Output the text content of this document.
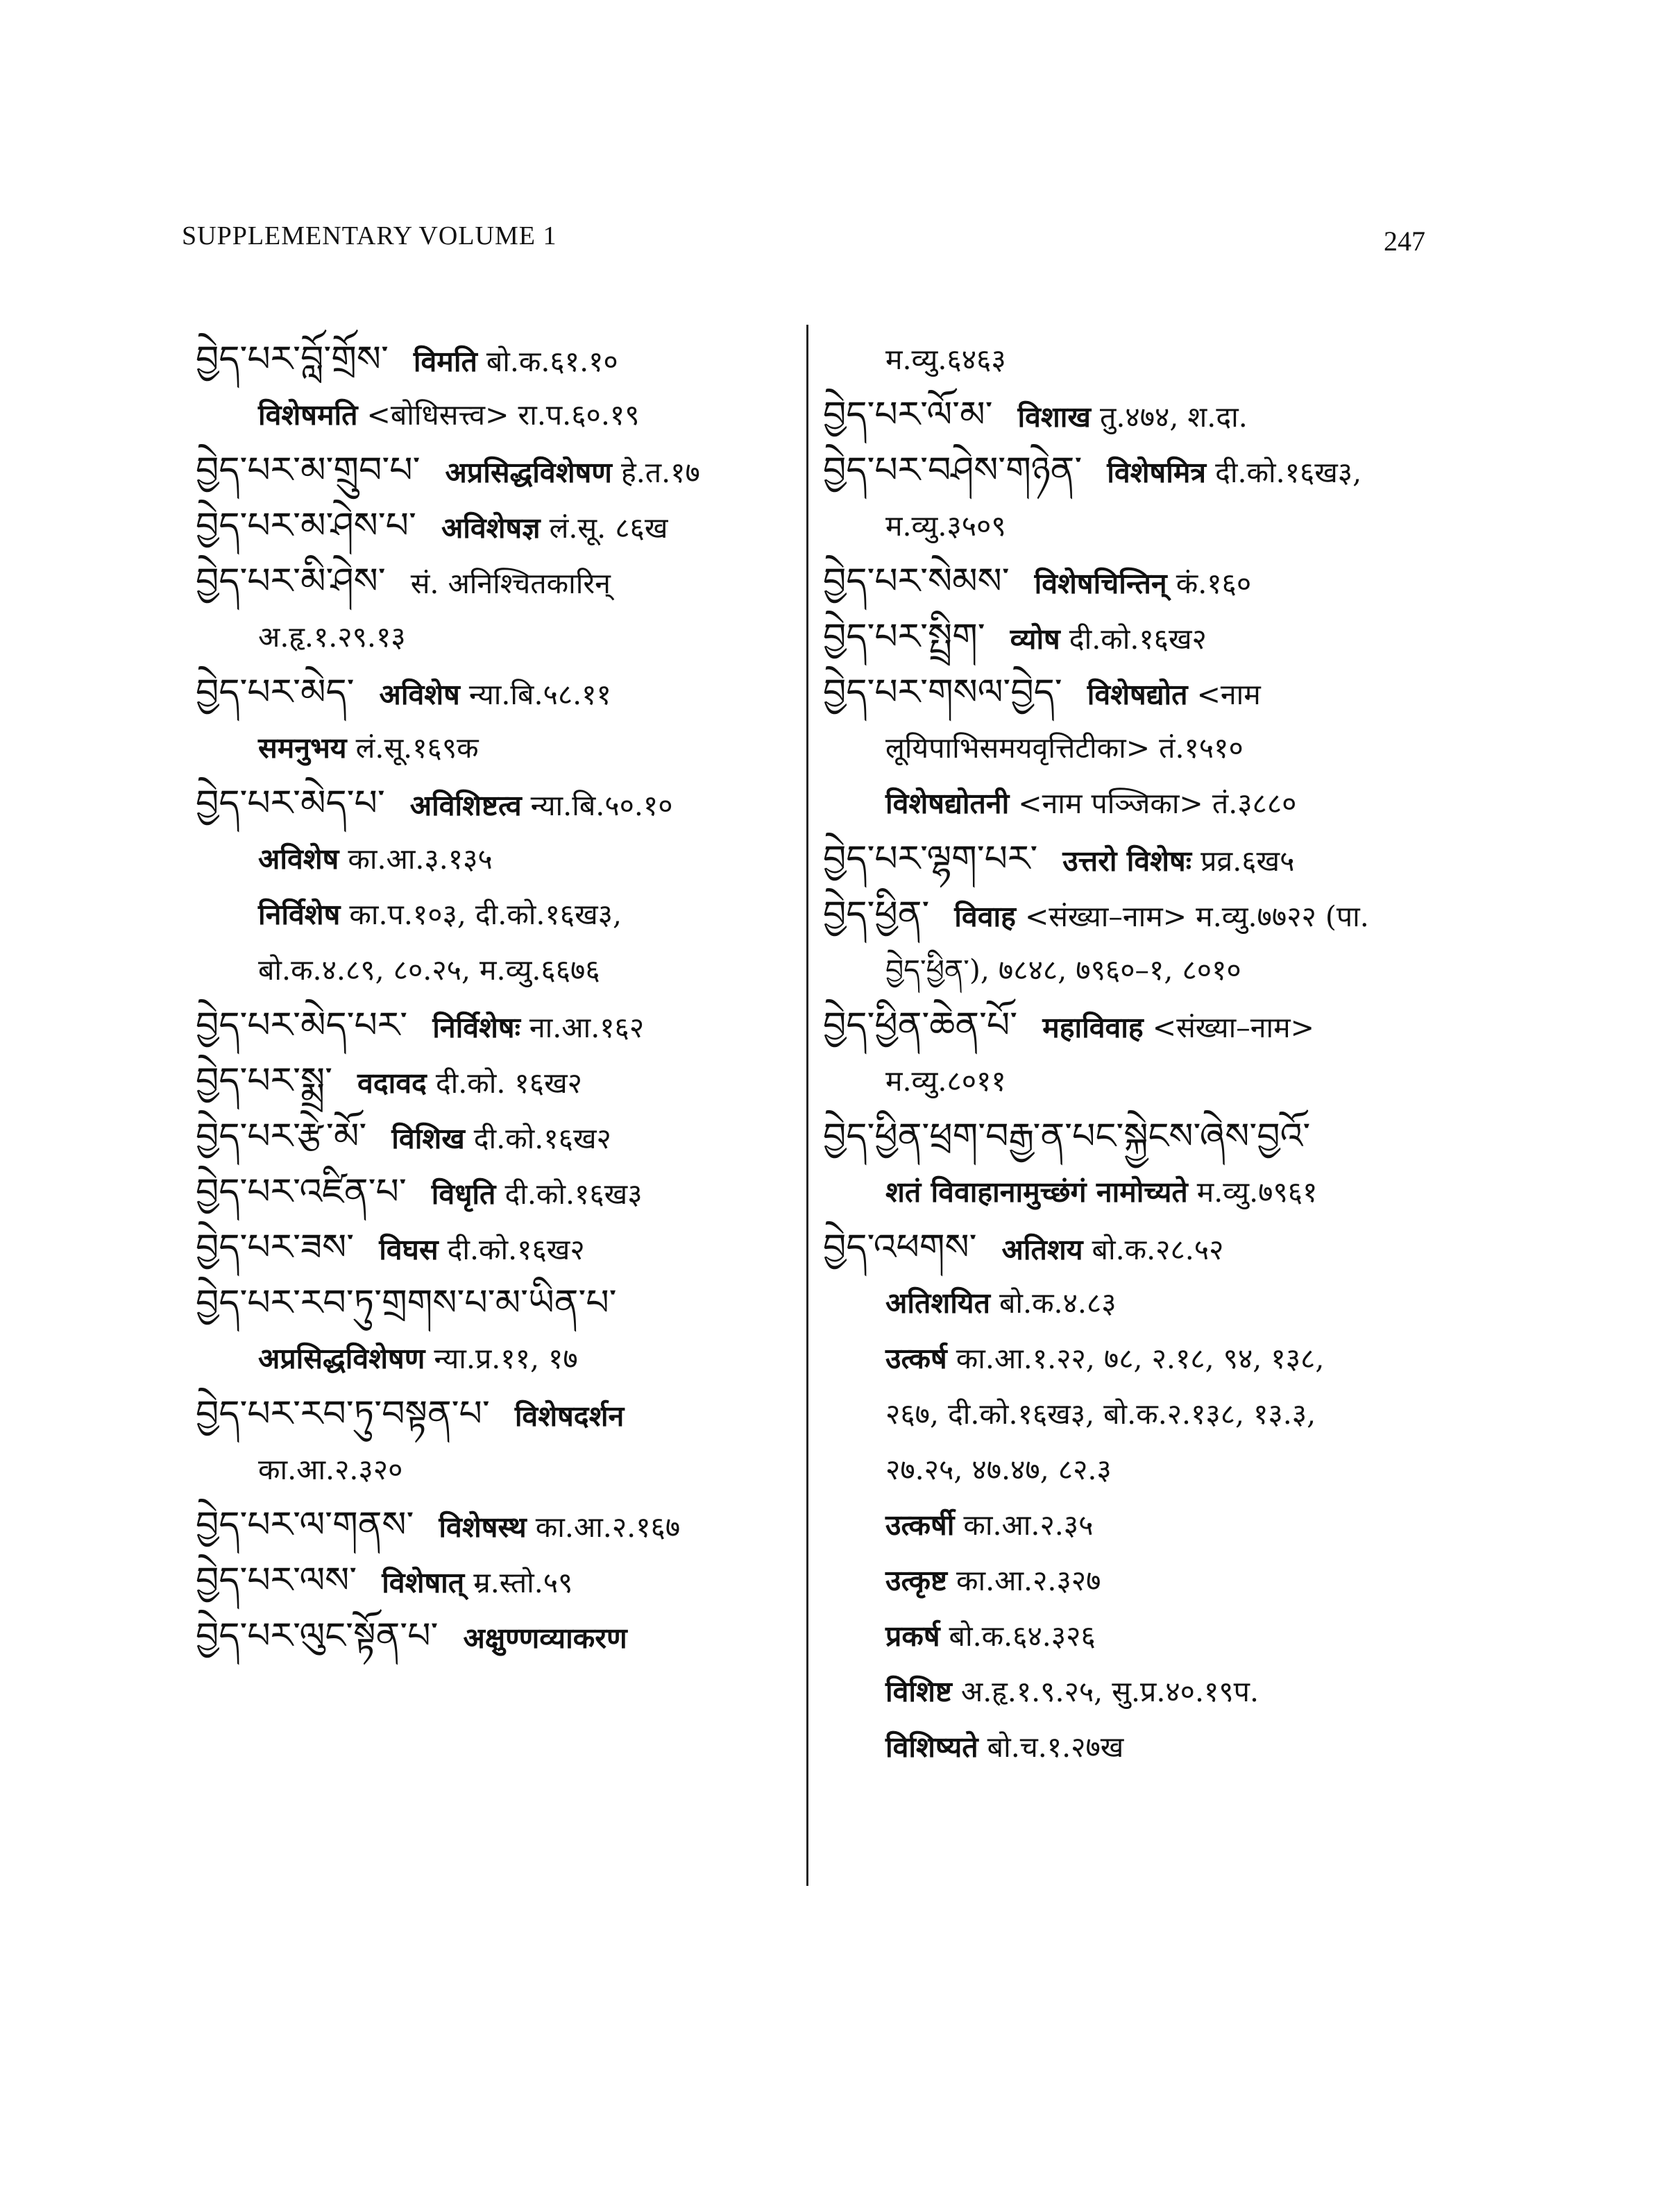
SUPPLEMENTARY VOLUME 1	247
བྱེད་པར་བློ་གྲོས་ विमति बो.क.६१.१०
विशेषमति <बोधिसत्त्व> रा.प.६०.१९
བྱེད་པར་མ་གྲུབ་པ་ अप्रसिद्धविशेषण हे.त.१७
བྱེད་པར་མ་ཤེས་པ་ अविशेषज्ञ लं.सू. ८६ख
བྱེད་པར་མི་ཤེས་ सं. अनिश्चितकारिन्
अ.हृ.१.२९.१३
བྱེད་པར་མེད་ अविशेष न्या.बि.५८.११
समनुभय लं.सू.१६९क
བྱེད་པར་མེད་པ་ अविशिष्टत्व न्या.बि.५०.१०
अविशेष का.आ.३.१३५
निर्विशेष का.प.१०३, दी.को.१६ख३,
बो.क.४.८९, ८०.२५, म.व्यु.६६७६
བྱེད་པར་མེད་པར་ निर्विशेषः ना.आ.१६२
བྱེད་པར་སྨྲ་ वदावद दी.को. १६ख२
བྱེད་པར་རྩེ་མོ་ विशिख दी.को.१६ख२
བྱེད་པར་འཛིན་པ་ विधृति दी.को.१६ख३
བྱེད་པར་ཟས་ विघस दी.को.१६ख२
བྱེད་པར་རབ་ཏུ་གྲགས་པ་མ་ཡིན་པ་
अप्रसिद्धविशेषण न्या.प्र.११, १७
བྱེད་པར་རབ་ཏུ་བསྟན་པ་ विशेषदर्शन
का.आ.२.३२०
བྱེད་པར་ལ་གནས་ विशेषस्थ का.आ.२.१६७
བྱེད་པར་ལས་ विशेषात् म्र.स्तो.५९
བྱེད་པར་ལུང་སྟོན་པ་ अक्षुण्णव्याकरण
म.व्यु.६४६३
བྱེད་པར་ལོ་མ་ विशाख तु.४७४, श.दा.
བྱེད་པར་བཤེས་གཉེན་ विशेषमित्र दी.को.१६ख३,
म.व्यु.३५०९
བྱེད་པར་སེམས་ विशेषचिन्तिन् कं.१६०
བྱེད་པར་སྤྲིག་ व्योष दी.को.१६ख२
བྱེད་པར་གསལ་བྱེད་ विशेषद्योत <नाम
लूयिपाभिसमयवृत्तिटीका> तं.१५१०
विशेषद्योतनी <नाम पञ्जिका> तं.३८८०
བྱེད་པར་ལྷག་པར་ उत्तरो विशेषः प्रव्र.६ख५
བྱེད་ཕྱིན་ विवाह <संख्या–नाम> म.व्यु.७७२२ (पा.
བྱེད་ཕྱིན་), ७८४८, ७९६०–१, ८०१०
བྱེད་ཕྱིན་ཆེན་པོ་ महाविवाह <संख्या–नाम>
म.व्यु.८०११
བྱེད་ཕྱིན་ཕྲག་བརྒྱ་ན་པང་སྐྱེངས་ཞེས་བྱའོ་
शतं विवाहानामुच्छंगं नामोच्यते म.व्यु.७९६१
བྱེད་འཕགས་ अतिशय बो.क.२८.५२
अतिशयित बो.क.४.८३
उत्कर्ष का.आ.१.२२, ७८, २.१८, ९४, १३८,
२६७, दी.को.१६ख३, बो.क.२.१३८, १३.३,
२७.२५, ४७.४७, ८२.३
उत्कर्षी का.आ.२.३५
उत्कृष्ट का.आ.२.३२७
प्रकर्ष बो.क.६४.३२६
विशिष्ट अ.हृ.१.९.२५, सु.प्र.४०.१९प.
विशिष्यते बो.च.१.२७ख
